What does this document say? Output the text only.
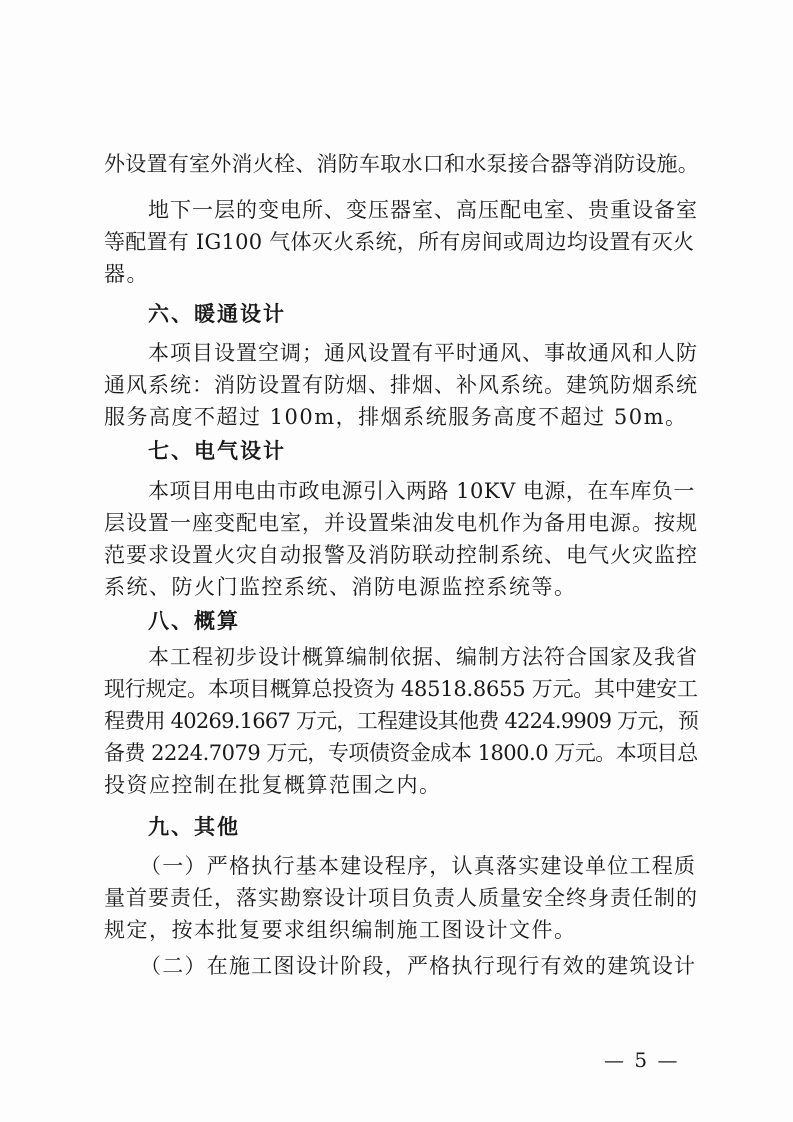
外设置有室外消火栓、消防车取水口和水泵接合器等消防设施。
地下一层的变电所、变压器室、高压配电室、贵重设备室
等配置有 IG100 气体灭火系统，所有房间或周边均设置有灭火
器。
六、暖通设计
本项目设置空调；通风设置有平时通风、事故通风和人防
通风系统：消防设置有防烟、排烟、补风系统。建筑防烟系统
服务高度不超过 100m，排烟系统服务高度不超过 50m。
七、电气设计
本项目用电由市政电源引入两路 10KV 电源，在车库负一
层设置一座变配电室，并设置柴油发电机作为备用电源。按规
范要求设置火灾自动报警及消防联动控制系统、电气火灾监控
系统、防火门监控系统、消防电源监控系统等。
八、概算
本工程初步设计概算编制依据、编制方法符合国家及我省
现行规定。本项目概算总投资为 48518.8655 万元。其中建安工
程费用 40269.1667 万元，工程建设其他费 4224.9909 万元，预
备费 2224.7079 万元，专项债资金成本 1800.0 万元。本项目总
投资应控制在批复概算范围之内。
九、其他
（一）严格执行基本建设程序，认真落实建设单位工程质
量首要责任，落实勘察设计项目负责人质量安全终身责任制的
规定，按本批复要求组织编制施工图设计文件。
（二）在施工图设计阶段，严格执行现行有效的建筑设计
— 5 —
